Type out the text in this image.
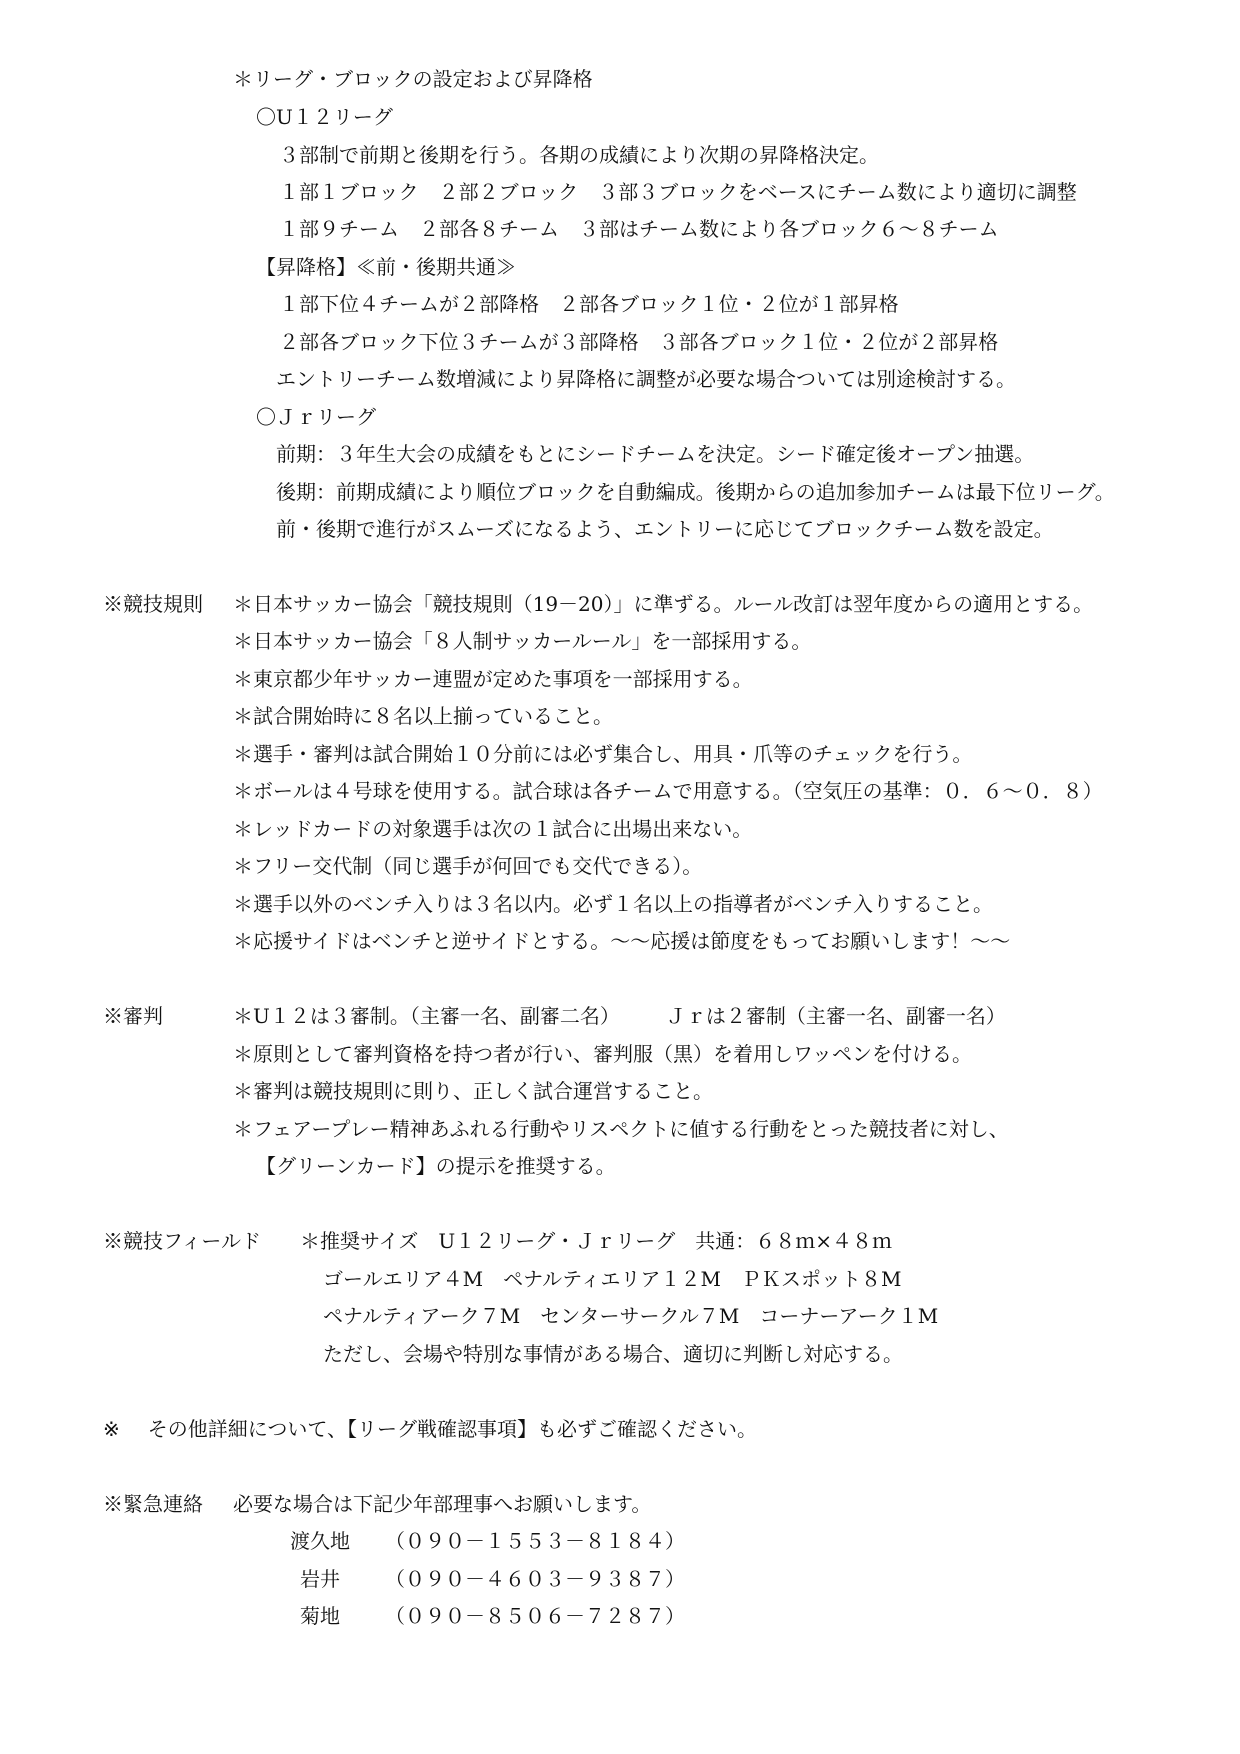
＊リーグ・ブロックの設定および昇降格

〇U１２リーグ

３部制で前期と後期を行う。各期の成績により次期の昇降格決定。

１部１ブロック　２部２ブロック　３部３ブロックをベースにチーム数により適切に調整

１部９チーム　２部各８チーム　３部はチーム数により各ブロック６～８チーム

【昇降格】≪前・後期共通≫

１部下位４チームが２部降格　２部各ブロック１位・２位が１部昇格

２部各ブロック下位３チームが３部降格　３部各ブロック１位・２位が２部昇格

エントリーチーム数増減により昇降格に調整が必要な場合ついては別途検討する。

〇Ｊｒリーグ

前期：３年生大会の成績をもとにシードチームを決定。シード確定後オープン抽選。

後期：前期成績により順位ブロックを自動編成。後期からの追加参加チームは最下位リーグ。

前・後期で進行がスムーズになるよう、エントリーに応じてブロックチーム数を設定。

※競技規則 ＊日本サッカー協会「競技規則（19－20）」に準ずる。ルール改訂は翌年度からの適用とする。

＊日本サッカー協会「８人制サッカールール」を一部採用する。

＊東京都少年サッカー連盟が定めた事項を一部採用する。

＊試合開始時に８名以上揃っていること。

＊選手・審判は試合開始１０分前には必ず集合し、用具・爪等のチェックを行う。

＊ボールは４号球を使用する。試合球は各チームで用意する。（空気圧の基準：０．６～０．８）

＊レッドカードの対象選手は次の１試合に出場出来ない。

＊フリー交代制（同じ選手が何回でも交代できる）。

＊選手以外のベンチ入りは３名以内。必ず１名以上の指導者がベンチ入りすること。

＊応援サイドはベンチと逆サイドとする。～～応援は節度をもってお願いします！～～

※審判	＊U１２は３審制。（主審一名、副審二名） Ｊｒは２審制（主審一名、副審一名）

＊原則として審判資格を持つ者が行い、審判服（黒）を着用しワッペンを付ける。

＊審判は競技規則に則り、正しく試合運営すること。

＊フェアープレー精神あふれる行動やリスペクトに値する行動をとった競技者に対し、

【グリーンカード】の提示を推奨する。

※競技フィールド ＊推奨サイズ　U１２リーグ・Ｊｒリーグ　共通：６８ｍ×４８ｍ

ゴールエリア４M　ペナルティエリア１２M　ＰＫスポット８M

ペナルティアーク７M　センターサークル７M　コーナーアーク１M

ただし、会場や特別な事情がある場合、適切に判断し対応する。

※ その他詳細について、【リーグ戦確認事項】も必ずご確認ください。

※緊急連絡 必要な場合は下記少年部理事へお願いします。

渡久地 （０９０－１５５３－８１８４）

岩井 （０９０－４６０３－９３８７）

菊地 （０９０－８５０６－７２８７）
